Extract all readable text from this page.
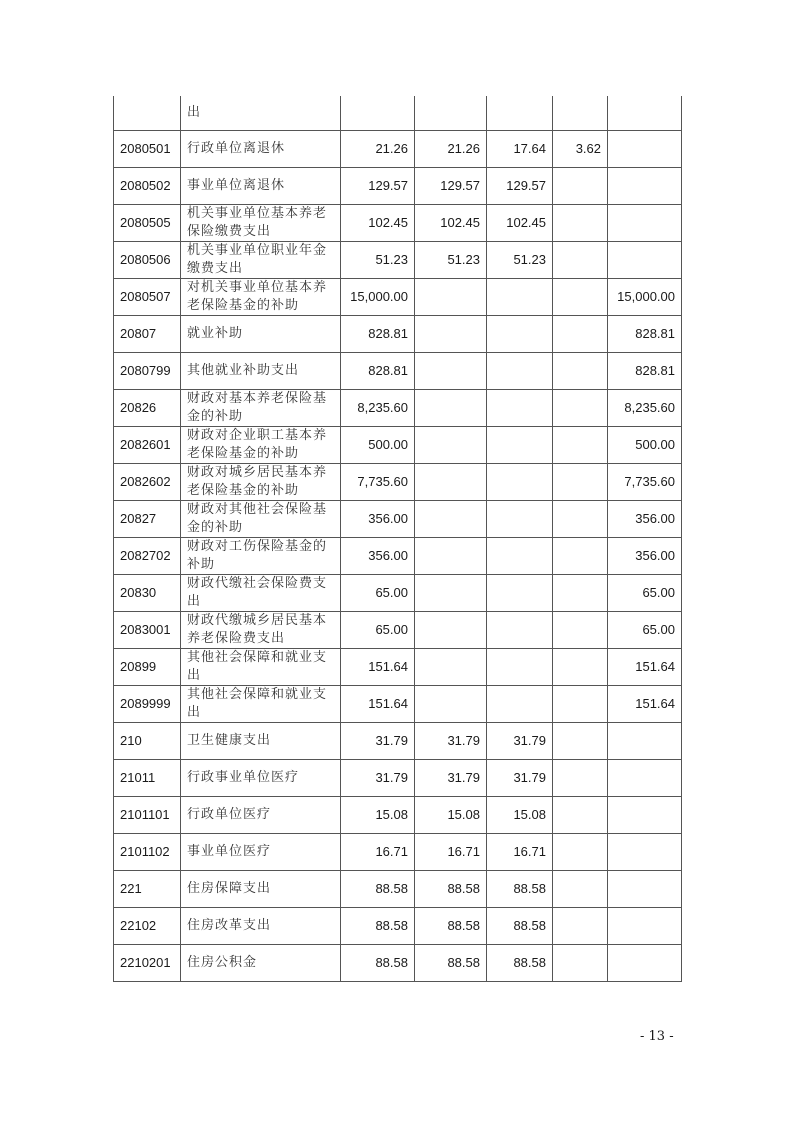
	出					
2080501	行政单位离退休	21.26	21.26	17.64	3.62	
2080502	事业单位离退休	129.57	129.57	129.57		
2080505	机关事业单位基本养老保险缴费支出	102.45	102.45	102.45		
2080506	机关事业单位职业年金缴费支出	51.23	51.23	51.23		
2080507	对机关事业单位基本养老保险基金的补助	15,000.00				15,000.00
20807	就业补助	828.81				828.81
2080799	其他就业补助支出	828.81				828.81
20826	财政对基本养老保险基金的补助	8,235.60				8,235.60
2082601	财政对企业职工基本养老保险基金的补助	500.00				500.00
2082602	财政对城乡居民基本养老保险基金的补助	7,735.60				7,735.60
20827	财政对其他社会保险基金的补助	356.00				356.00
2082702	财政对工伤保险基金的补助	356.00				356.00
20830	财政代缴社会保险费支出	65.00				65.00
2083001	财政代缴城乡居民基本养老保险费支出	65.00				65.00
20899	其他社会保障和就业支出	151.64				151.64
2089999	其他社会保障和就业支出	151.64				151.64
210	卫生健康支出	31.79	31.79	31.79		
21011	行政事业单位医疗	31.79	31.79	31.79		
2101101	行政单位医疗	15.08	15.08	15.08		
2101102	事业单位医疗	16.71	16.71	16.71		
221	住房保障支出	88.58	88.58	88.58		
22102	住房改革支出	88.58	88.58	88.58		
2210201	住房公积金	88.58	88.58	88.58		
- 13 -
